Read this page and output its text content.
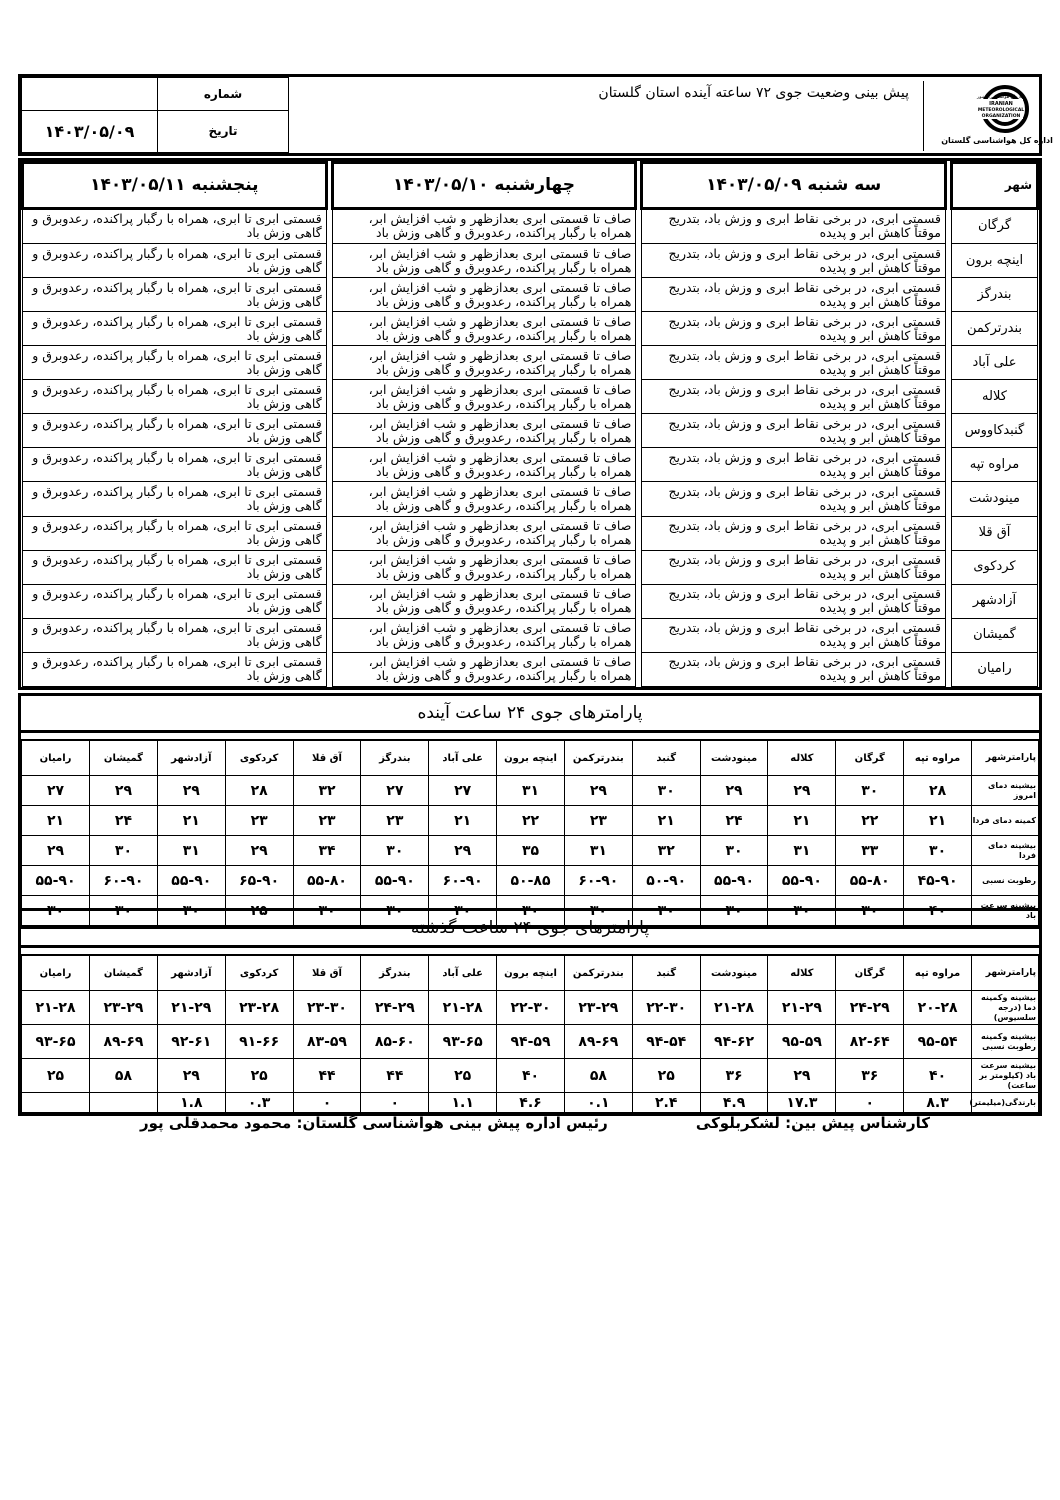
سازمان هواشناسی کشور
IRANIAN
METEOROLOGICAL
ORGANIZATION
اداره کل هواشناسی گلستان
پیش بینی وضعیت جوی ۷۲ ساعته آینده استان گلستان
شماره	
تاریخ	۱۴۰۳/۰۵/۰۹
شهر		سه شنبه ۱۴۰۳/۰۵/۰۹		چهارشنبه ۱۴۰۳/۰۵/۱۰		پنجشنبه ۱۴۰۳/۰۵/۱۱
گرگان		قسمتی ابری، در برخی نقاط ابری و وزش باد، بتدریج موقتاً کاهش ابر و پدیده		صاف تا قسمتی ابری بعدازظهر و شب افزایش ابر، همراه با رگبار پراکنده، رعدوبرق و گاهی وزش باد		قسمتی ابری تا ابری، همراه با رگبار پراکنده، رعدوبرق و گاهی وزش باد
اینچه برون		قسمتی ابری، در برخی نقاط ابری و وزش باد، بتدریج موقتاً کاهش ابر و پدیده		صاف تا قسمتی ابری بعدازظهر و شب افزایش ابر، همراه با رگبار پراکنده، رعدوبرق و گاهی وزش باد		قسمتی ابری تا ابری، همراه با رگبار پراکنده، رعدوبرق و گاهی وزش باد
بندرگز		قسمتی ابری، در برخی نقاط ابری و وزش باد، بتدریج موقتاً کاهش ابر و پدیده		صاف تا قسمتی ابری بعدازظهر و شب افزایش ابر، همراه با رگبار پراکنده، رعدوبرق و گاهی وزش باد		قسمتی ابری تا ابری، همراه با رگبار پراکنده، رعدوبرق و گاهی وزش باد
بندرترکمن		قسمتی ابری، در برخی نقاط ابری و وزش باد، بتدریج موقتاً کاهش ابر و پدیده		صاف تا قسمتی ابری بعدازظهر و شب افزایش ابر، همراه با رگبار پراکنده، رعدوبرق و گاهی وزش باد		قسمتی ابری تا ابری، همراه با رگبار پراکنده، رعدوبرق و گاهی وزش باد
علی آباد		قسمتی ابری، در برخی نقاط ابری و وزش باد، بتدریج موقتاً کاهش ابر و پدیده		صاف تا قسمتی ابری بعدازظهر و شب افزایش ابر، همراه با رگبار پراکنده، رعدوبرق و گاهی وزش باد		قسمتی ابری تا ابری، همراه با رگبار پراکنده، رعدوبرق و گاهی وزش باد
کلاله		قسمتی ابری، در برخی نقاط ابری و وزش باد، بتدریج موقتاً کاهش ابر و پدیده		صاف تا قسمتی ابری بعدازظهر و شب افزایش ابر، همراه با رگبار پراکنده، رعدوبرق و گاهی وزش باد		قسمتی ابری تا ابری، همراه با رگبار پراکنده، رعدوبرق و گاهی وزش باد
گنبدکاووس		قسمتی ابری، در برخی نقاط ابری و وزش باد، بتدریج موقتاً کاهش ابر و پدیده		صاف تا قسمتی ابری بعدازظهر و شب افزایش ابر، همراه با رگبار پراکنده، رعدوبرق و گاهی وزش باد		قسمتی ابری تا ابری، همراه با رگبار پراکنده، رعدوبرق و گاهی وزش باد
مراوه تپه		قسمتی ابری، در برخی نقاط ابری و وزش باد، بتدریج موقتاً کاهش ابر و پدیده		صاف تا قسمتی ابری بعدازظهر و شب افزایش ابر، همراه با رگبار پراکنده، رعدوبرق و گاهی وزش باد		قسمتی ابری تا ابری، همراه با رگبار پراکنده، رعدوبرق و گاهی وزش باد
مینودشت		قسمتی ابری، در برخی نقاط ابری و وزش باد، بتدریج موقتاً کاهش ابر و پدیده		صاف تا قسمتی ابری بعدازظهر و شب افزایش ابر، همراه با رگبار پراکنده، رعدوبرق و گاهی وزش باد		قسمتی ابری تا ابری، همراه با رگبار پراکنده، رعدوبرق و گاهی وزش باد
آق قلا		قسمتی ابری، در برخی نقاط ابری و وزش باد، بتدریج موقتاً کاهش ابر و پدیده		صاف تا قسمتی ابری بعدازظهر و شب افزایش ابر، همراه با رگبار پراکنده، رعدوبرق و گاهی وزش باد		قسمتی ابری تا ابری، همراه با رگبار پراکنده، رعدوبرق و گاهی وزش باد
کردکوی		قسمتی ابری، در برخی نقاط ابری و وزش باد، بتدریج موقتاً کاهش ابر و پدیده		صاف تا قسمتی ابری بعدازظهر و شب افزایش ابر، همراه با رگبار پراکنده، رعدوبرق و گاهی وزش باد		قسمتی ابری تا ابری، همراه با رگبار پراکنده، رعدوبرق و گاهی وزش باد
آزادشهر		قسمتی ابری، در برخی نقاط ابری و وزش باد، بتدریج موقتاً کاهش ابر و پدیده		صاف تا قسمتی ابری بعدازظهر و شب افزایش ابر، همراه با رگبار پراکنده، رعدوبرق و گاهی وزش باد		قسمتی ابری تا ابری، همراه با رگبار پراکنده، رعدوبرق و گاهی وزش باد
گمیشان		قسمتی ابری، در برخی نقاط ابری و وزش باد، بتدریج موقتاً کاهش ابر و پدیده		صاف تا قسمتی ابری بعدازظهر و شب افزایش ابر، همراه با رگبار پراکنده، رعدوبرق و گاهی وزش باد		قسمتی ابری تا ابری، همراه با رگبار پراکنده، رعدوبرق و گاهی وزش باد
رامیان		قسمتی ابری، در برخی نقاط ابری و وزش باد، بتدریج موقتاً کاهش ابر و پدیده		صاف تا قسمتی ابری بعدازظهر و شب افزایش ابر، همراه با رگبار پراکنده، رعدوبرق و گاهی وزش باد		قسمتی ابری تا ابری، همراه با رگبار پراکنده، رعدوبرق و گاهی وزش باد
پارامترهای جوی ۲۴ ساعت آینده
پارامترشهر	مراوه تپه	گرگان	کلاله	مینودشت	گنبد	بندرترکمن	اینچه برون	علی آباد	بندرگز	آق قلا	کردکوی	آزادشهر	گمیشان	رامیان
بیشینه دمای امروز	۲۸	۳۰	۲۹	۲۹	۳۰	۲۹	۳۱	۲۷	۲۷	۳۲	۲۸	۲۹	۲۹	۲۷
کمینه دمای فردا	۲۱	۲۲	۲۱	۲۴	۲۱	۲۳	۲۲	۲۱	۲۳	۲۳	۲۳	۲۱	۲۴	۲۱
بیشینه دمای فردا	۳۰	۳۳	۳۱	۳۰	۳۲	۳۱	۳۵	۲۹	۳۰	۳۴	۲۹	۳۱	۳۰	۲۹
رطوبت نسبی	۴۵-۹۰	۵۵-۸۰	۵۵-۹۰	۵۵-۹۰	۵۰-۹۰	۶۰-۹۰	۵۰-۸۵	۶۰-۹۰	۵۵-۹۰	۵۵-۸۰	۶۵-۹۰	۵۵-۹۰	۶۰-۹۰	۵۵-۹۰
بیشینه سرعت باد	۴۰	۳۰	۳۰	۳۰	۳۰	۳۰	۳۰	۳۰	۳۰	۳۰	۲۵	۳۰	۳۰	۳۰
پارامترهای جوی ۲۴ ساعت گذشته
پارامترشهر	مراوه تپه	گرگان	کلاله	مینودشت	گنبد	بندرترکمن	اینچه برون	علی آباد	بندرگز	آق قلا	کردکوی	آزادشهر	گمیشان	رامیان
بیشینه وکمینه دما (درجه سلسیوس)	۲۰-۲۸	۲۴-۲۹	۲۱-۲۹	۲۱-۲۸	۲۲-۳۰	۲۳-۲۹	۲۲-۳۰	۲۱-۲۸	۲۴-۲۹	۲۳-۳۰	۲۳-۲۸	۲۱-۲۹	۲۳-۲۹	۲۱-۲۸
بیشینه وکمینه رطوبت نسبی	۹۵-۵۴	۸۲-۶۴	۹۵-۵۹	۹۴-۶۲	۹۴-۵۴	۸۹-۶۹	۹۴-۵۹	۹۳-۶۵	۸۵-۶۰	۸۳-۵۹	۹۱-۶۶	۹۲-۶۱	۸۹-۶۹	۹۳-۶۵
بیشینه سرعت باد (کیلومتر بر ساعت)	۴۰	۳۶	۲۹	۳۶	۲۵	۵۸	۴۰	۲۵	۴۴	۴۴	۲۵	۲۹	۵۸	۲۵
بارندگی(میلیمتر)	۸.۳	۰	۱۷.۳	۴.۹	۲.۴	۰.۱	۴.۶	۱.۱	۰	۰	۰.۳	۱.۸		
کارشناس پیش بین: لشکربلوکی
رئیس اداره پیش بینی هواشناسی گلستان: محمود محمدقلی پور
